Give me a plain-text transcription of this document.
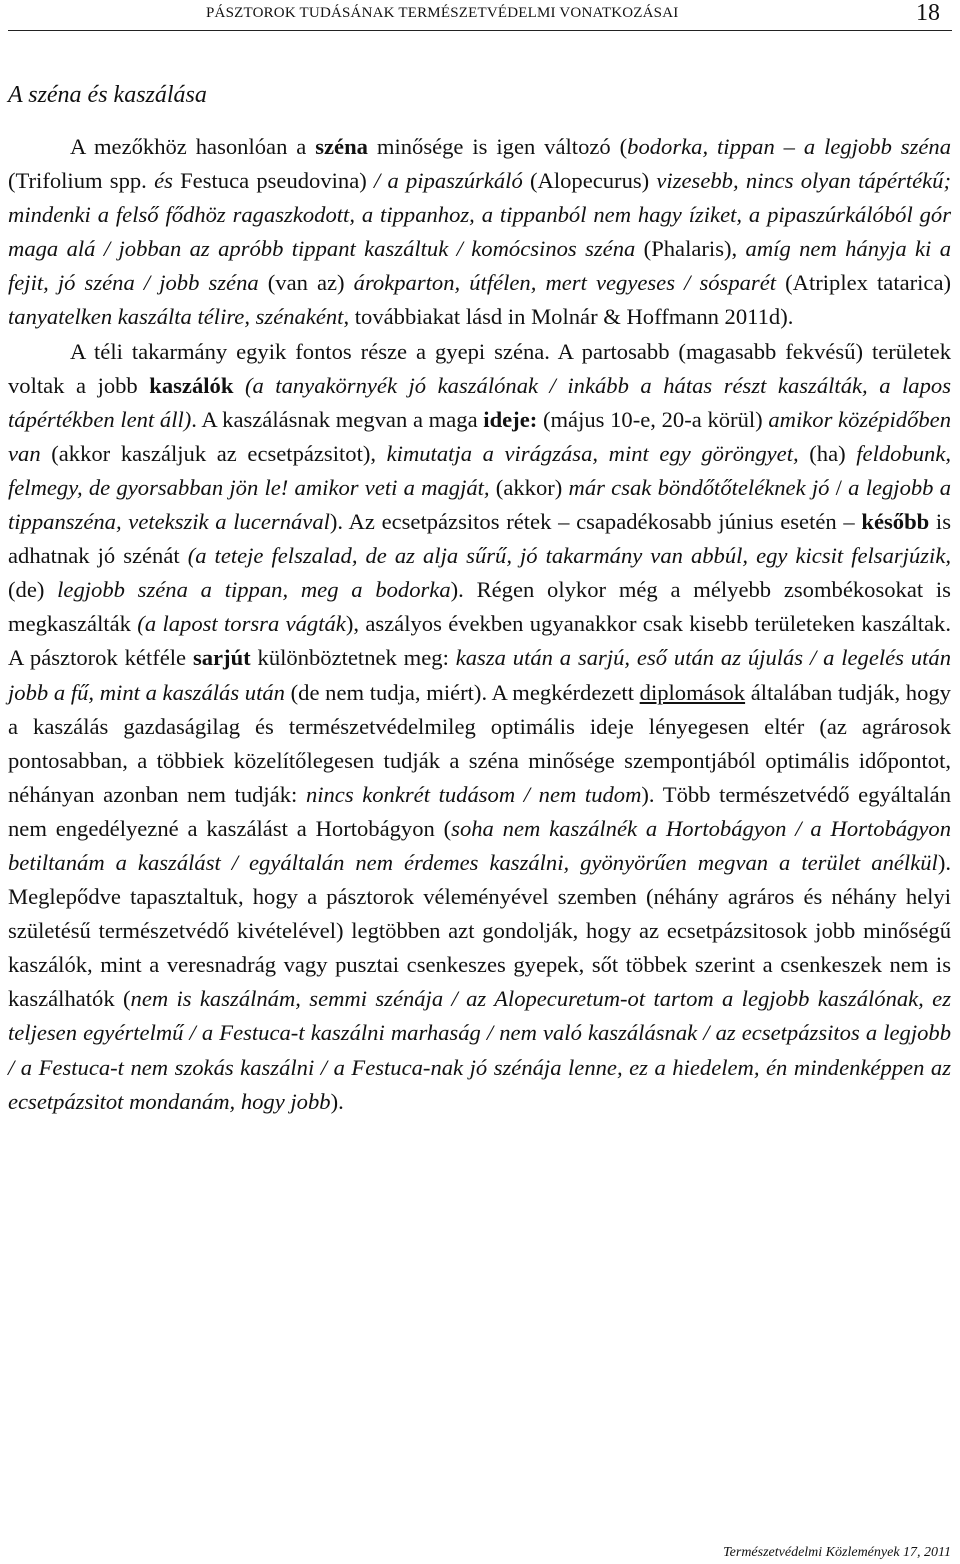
PÁSZTOROK TUDÁSÁNAK TERMÉSZETVÉDELMI VONATKOZÁSAI	18
A széna és kaszálása

A mezőkhöz hasonlóan a széna minősége is igen változó (bodorka, tippan – a legjobb széna (Trifolium spp. és Festuca pseudovina) / a pipaszúrkáló (Alopecurus) vizesebb, nincs olyan tápértékű; mindenki a felső fődhöz ragaszkodott, a tippanhoz, a tippanból nem hagy íziket, a pipaszúrkálóból gór maga alá / jobban az apróbb tippant kaszáltuk / komócsinos széna (Phalaris), amíg nem hányja ki a fejit, jó széna / jobb széna (van az) árokparton, útfélen, mert vegyeses / sósparét (Atriplex tatarica) tanyatelken kaszálta télire, szénaként, továbbiakat lásd in Molnár & Hoffmann 2011d).

A téli takarmány egyik fontos része a gyepi széna. A partosabb (magasabb fekvésű) területek voltak a jobb kaszálók (a tanyakörnyék jó kaszálónak / inkább a hátas részt kaszálták, a lapos tápértékben lent áll). A kaszálásnak megvan a maga ideje: (május 10-e, 20-a körül) amikor középidőben van (akkor kaszáljuk az ecsetpázsitot), kimutatja a virágzása, mint egy göröngyet, (ha) feldobunk, felmegy, de gyorsabban jön le! amikor veti a magját, (akkor) már csak böndőtőteléknek jó / a legjobb a tippanszéna, vetekszik a lucernával). Az ecsetpázsitos rétek – csapadékosabb június esetén – később is adhatnak jó szénát (a teteje felszalad, de az alja sűrű, jó takarmány van abbúl, egy kicsit felsarjúzik, (de) legjobb széna a tippan, meg a bodorka). Régen olykor még a mélyebb zsombékosokat is megkaszálták (a lapost torsra vágták), aszályos években ugyanakkor csak kisebb területeken kaszáltak. A pásztorok kétféle sarjút különböztetnek meg: kasza után a sarjú, eső után az újulás / a legelés után jobb a fű, mint a kaszálás után (de nem tudja, miért). A megkérdezett diplomások általában tudják, hogy a kaszálás gazdaságilag és természetvédelmileg optimális ideje lényegesen eltér (az agrárosok pontosabban, a többiek közelítőlegesen tudják a széna minősége szempontjából optimális időpontot, néhányan azonban nem tudják: nincs konkrét tudásom / nem tudom). Több természetvédő egyáltalán nem engedélyezné a kaszálást a Hortobágyon (soha nem kaszálnék a Hortobágyon / a Hortobágyon betiltanám a kaszálást / egyáltalán nem érdemes kaszálni, gyönyörűen megvan a terület anélkül). Meglepődve tapasztaltuk, hogy a pásztorok véleményével szemben (néhány agráros és néhány helyi születésű természetvédő kivételével) legtöbben azt gondolják, hogy az ecsetpázsitosok jobb minőségű kaszálók, mint a veresnadrág vagy pusztai csenkeszes gyepek, sőt többek szerint a csenkeszek nem is kaszálhatók (nem is kaszálnám, semmi szénája / az Alopecuretum-ot tartom a legjobb kaszálónak, ez teljesen egyértelmű / a Festuca-t kaszálni marhaság / nem való kaszálásnak / az ecsetpázsitos a legjobb / a Festuca-t nem szokás kaszálni / a Festuca-nak jó szénája lenne, ez a hiedelem, én mindenképpen az ecsetpázsitot mondanám, hogy jobb).

Természetvédelmi Közlemények 17, 2011
